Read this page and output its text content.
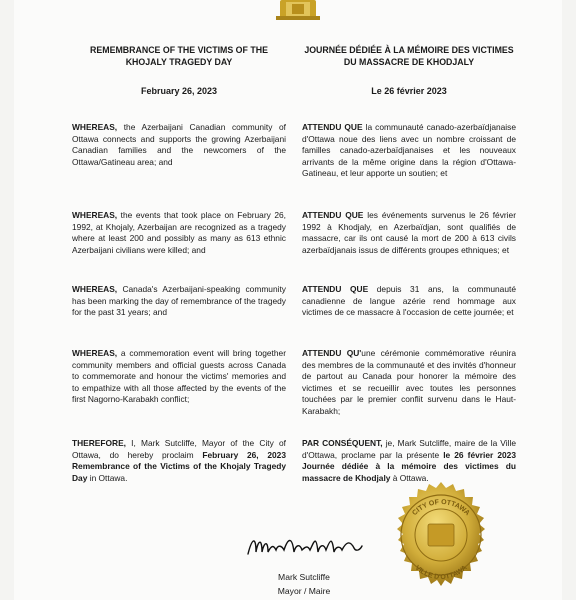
REMEMBRANCE OF THE VICTIMS OF THE KHOJALY TRAGEDY DAY
February 26, 2023
WHEREAS, the Azerbaijani Canadian community of Ottawa connects and supports the growing Azerbaijani Canadian families and the newcomers of the Ottawa/Gatineau area; and
WHEREAS, the events that took place on February 26, 1992, at Khojaly, Azerbaijan are recognized as a tragedy where at least 200 and possibly as many as 613 ethnic Azerbaijani civilians were killed; and
WHEREAS, Canada's Azerbaijani-speaking community has been marking the day of remembrance of the tragedy for the past 31 years; and
WHEREAS, a commemoration event will bring together community members and official guests across Canada to commemorate and honour the victims' memories and to empathize with all those affected by the events of the first Nagorno-Karabakh conflict;
THEREFORE, I, Mark Sutcliffe, Mayor of the City of Ottawa, do hereby proclaim February 26, 2023 Remembrance of the Victims of the Khojaly Tragedy Day in Ottawa.
JOURNÉE DÉDIÉE À LA MÉMOIRE DES VICTIMES DU MASSACRE DE KHODJALY
Le 26 février 2023
ATTENDU QUE la communauté canado-azerbaïdjanaise d'Ottawa noue des liens avec un nombre croissant de familles canado-azerbaïdjanaises et les nouveaux arrivants de la même origine dans la région d'Ottawa-Gatineau, et leur apporte un soutien; et
ATTENDU QUE les événements survenus le 26 février 1992 à Khodjaly, en Azerbaïdjan, sont qualifiés de massacre, car ils ont causé la mort de 200 à 613 civils azerbaïdjanais issus de différents groupes ethniques; et
ATTENDU QUE depuis 31 ans, la communauté canadienne de langue azérie rend hommage aux victimes de ce massacre à l'occasion de cette journée; et
ATTENDU QU'une cérémonie commémorative réunira des membres de la communauté et des invités d'honneur de partout au Canada pour honorer la mémoire des victimes et se recueillir avec toutes les personnes touchées par le premier conflit survenu dans le Haut-Karabakh;
PAR CONSÉQUENT, je, Mark Sutcliffe, maire de la Ville d'Ottawa, proclame par la présente le 26 février 2023 Journée dédiée à la mémoire des victimes du massacre de Khodjaly à Ottawa.
Mark Sutcliffe
Mayor / Maire
CITY OF OTTAWA
VILLE D'OTTAWA
